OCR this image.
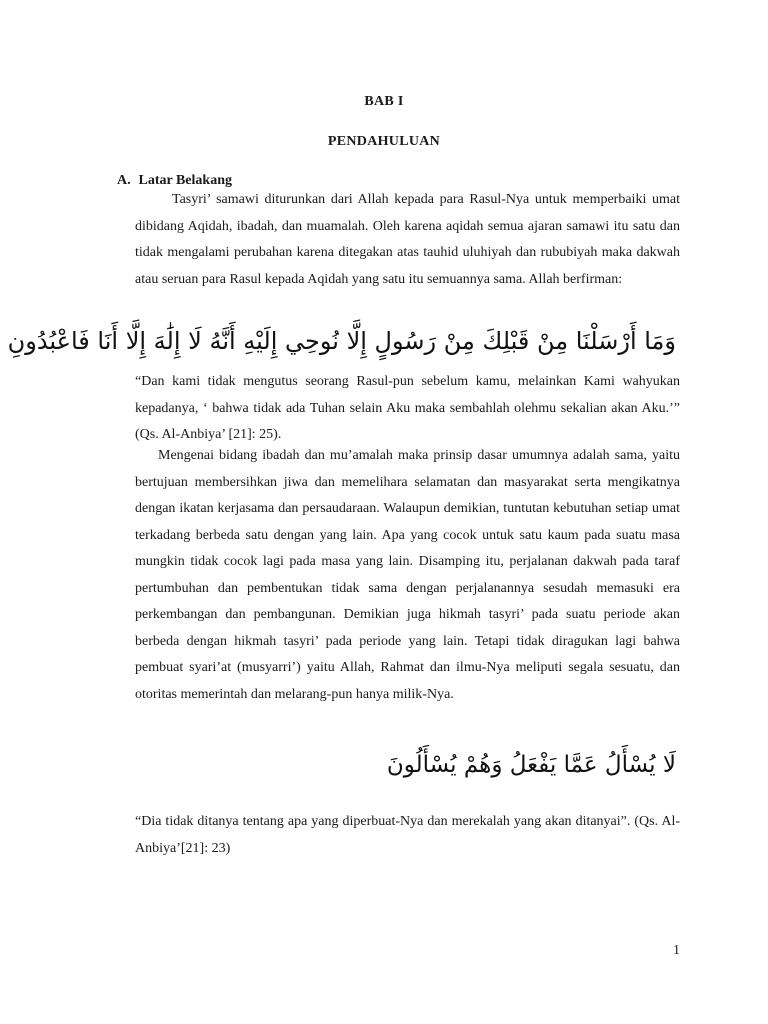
BAB I
PENDAHULUAN
A. Latar Belakang

Tasyri’ samawi diturunkan dari Allah kepada para Rasul-Nya untuk memperbaiki umat dibidang Aqidah, ibadah, dan muamalah. Oleh karena aqidah semua ajaran samawi itu satu dan tidak mengalami perubahan karena ditegakan atas tauhid uluhiyah dan rububiyah maka dakwah atau seruan para Rasul kepada Aqidah yang satu itu semuannya sama. Allah berfirman:

وَمَا أَرْسَلْنَا مِنْ قَبْلِكَ مِنْ رَسُولٍ إِلَّا نُوحِي إِلَيْهِ أَنَّهُ لَا إِلَٰهَ إِلَّا أَنَا فَاعْبُدُونِ

“Dan kami tidak mengutus seorang Rasul-pun sebelum kamu, melainkan Kami wahyukan kepadanya, ‘ bahwa tidak ada Tuhan selain Aku maka sembahlah olehmu sekalian akan Aku.’” (Qs. Al-Anbiya’ [21]: 25).

Mengenai bidang ibadah dan mu’amalah maka prinsip dasar umumnya adalah sama, yaitu bertujuan membersihkan jiwa dan memelihara selamatan dan masyarakat serta mengikatnya dengan ikatan kerjasama dan persaudaraan. Walaupun demikian, tuntutan kebutuhan setiap umat terkadang berbeda satu dengan yang lain. Apa yang cocok untuk satu kaum pada suatu masa mungkin tidak cocok lagi pada masa yang lain. Disamping itu, perjalanan dakwah pada taraf pertumbuhan dan pembentukan tidak sama dengan perjalanannya sesudah memasuki era perkembangan dan pembangunan. Demikian juga hikmah tasyri’ pada suatu periode akan berbeda dengan hikmah tasyri’ pada periode yang lain. Tetapi tidak diragukan lagi bahwa pembuat syari’at (musyarri’) yaitu Allah, Rahmat dan ilmu-Nya meliputi segala sesuatu, dan otoritas memerintah dan melarang-pun hanya milik-Nya.

لَا يُسْأَلُ عَمَّا يَفْعَلُ وَهُمْ يُسْأَلُونَ

“Dia tidak ditanya tentang apa yang diperbuat-Nya dan merekalah yang akan ditanyai”. (Qs. Al-Anbiya’[21]: 23)

1
